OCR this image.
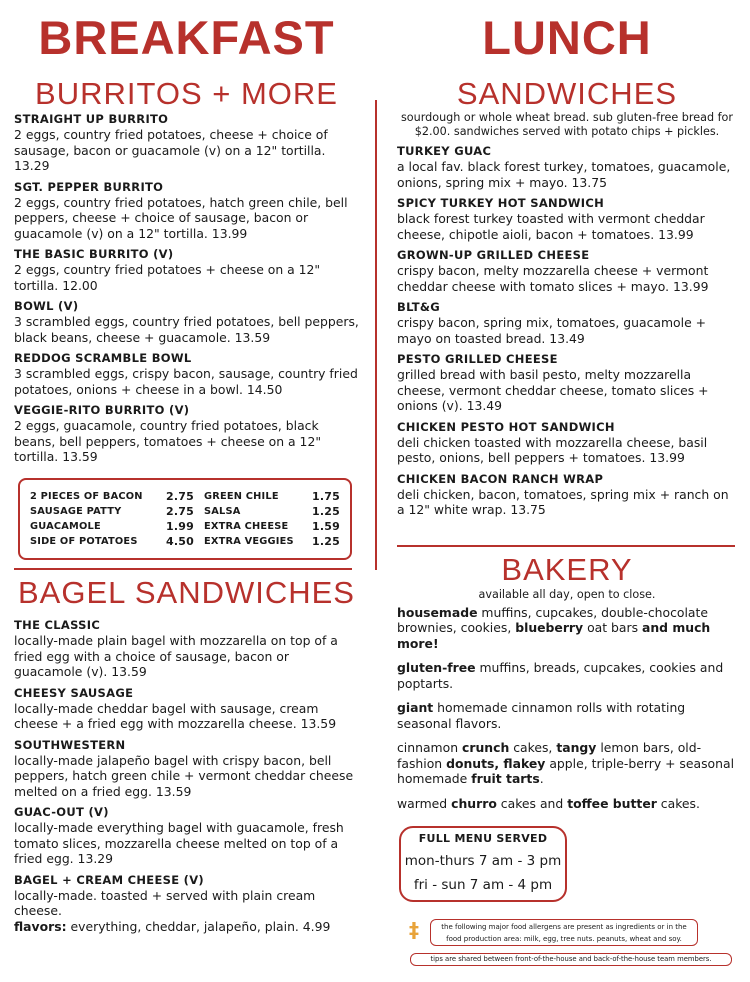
BREAKFAST
BURRITOS + MORE
STRAIGHT UP BURRITO
2 eggs, country fried potatoes, cheese + choice of sausage, bacon or guacamole (v) on a 12" tortilla. 13.29
SGT. PEPPER BURRITO
2 eggs, country fried potatoes, hatch green chile, bell peppers, cheese + choice of sausage, bacon or guacamole (v) on a 12" tortilla. 13.99
THE BASIC BURRITO (V)
2 eggs, country fried potatoes + cheese on a 12" tortilla. 12.00
BOWL (V)
3 scrambled eggs, country fried potatoes, bell peppers, black beans, cheese + guacamole. 13.59
REDDOG SCRAMBLE BOWL
3 scrambled eggs, crispy bacon, sausage, country fried potatoes, onions + cheese in a bowl. 14.50
VEGGIE-RITO BURRITO (V)
2 eggs, guacamole, country fried potatoes, black beans, bell peppers, tomatoes + cheese on a 12" tortilla. 13.59
2 PIECES OF BACON	2.75	GREEN CHILE	1.75
SAUSAGE PATTY	2.75	SALSA	1.25
GUACAMOLE	1.99	EXTRA CHEESE	1.59
SIDE OF POTATOES	4.50	EXTRA VEGGIES	1.25
BAGEL SANDWICHES
THE CLASSIC
locally-made plain bagel with mozzarella on top of a fried egg with a choice of sausage, bacon or guacamole (v). 13.59
CHEESY SAUSAGE
locally-made cheddar bagel with sausage, cream cheese + a fried egg with mozzarella cheese. 13.59
SOUTHWESTERN
locally-made jalapeño bagel with crispy bacon, bell peppers, hatch green chile + vermont cheddar cheese melted on a fried egg. 13.59
GUAC-OUT (V)
locally-made everything bagel with guacamole, fresh tomato slices, mozzarella cheese melted on top of a fried egg. 13.29
BAGEL + CREAM CHEESE (V)
locally-made. toasted + served with plain cream cheese.
flavors: everything, cheddar, jalapeño, plain. 4.99
LUNCH
SANDWICHES
sourdough or whole wheat bread. sub gluten-free bread for $2.00. sandwiches served with potato chips + pickles.
TURKEY GUAC
a local fav. black forest turkey, tomatoes, guacamole, onions, spring mix + mayo. 13.75
SPICY TURKEY HOT SANDWICH
black forest turkey toasted with vermont cheddar cheese, chipotle aioli, bacon + tomatoes. 13.99
GROWN-UP GRILLED CHEESE
crispy bacon, melty mozzarella cheese + vermont cheddar cheese with tomato slices + mayo. 13.99
BLT&G
crispy bacon, spring mix, tomatoes, guacamole + mayo on toasted bread. 13.49
PESTO GRILLED CHEESE
grilled bread with basil pesto, melty mozzarella cheese, vermont cheddar cheese, tomato slices + onions (v). 13.49
CHICKEN PESTO HOT SANDWICH
deli chicken toasted with mozzarella cheese, basil pesto, onions, bell peppers + tomatoes. 13.99
CHICKEN BACON RANCH WRAP
deli chicken, bacon, tomatoes, spring mix + ranch on a 12" white wrap. 13.75
BAKERY
available all day, open to close.
housemade muffins, cupcakes, double-chocolate brownies, cookies, blueberry oat bars and much more!
gluten-free muffins, breads, cupcakes, cookies and poptarts.
giant homemade cinnamon rolls with rotating seasonal flavors.
cinnamon crunch cakes, tangy lemon bars, old-fashion donuts, flakey apple, triple-berry + seasonal homemade fruit tarts.
warmed churro cakes and toffee butter cakes.
FULL MENU SERVED
mon-thurs 7 am - 3 pm
fri - sun 7 am - 4 pm
‡	the following major food allergens are present as ingredients or in the food production area: milk, egg, tree nuts. peanuts, wheat and soy.
tips are shared between front-of-the-house and back-of-the-house team members.
